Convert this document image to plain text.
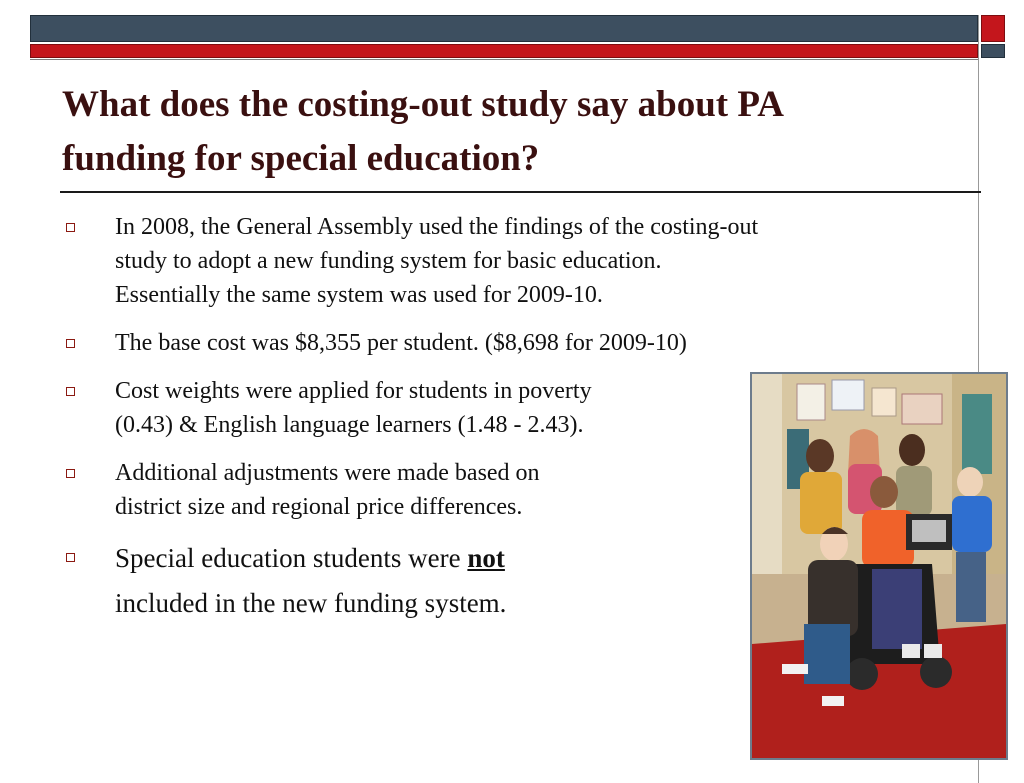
What does the costing-out study say about PA
funding for special education?
In 2008, the General Assembly used the findings of the costing-out
study to adopt a new funding system for basic education.
Essentially the same system was used for 2009-10.
The base cost was $8,355 per student. ($8,698 for 2009-10)
Cost weights were applied for students in poverty
(0.43) & English language learners (1.48 - 2.43).
Additional adjustments were made based on
district size and regional price differences.
Special education students were not
included in the new funding system.
